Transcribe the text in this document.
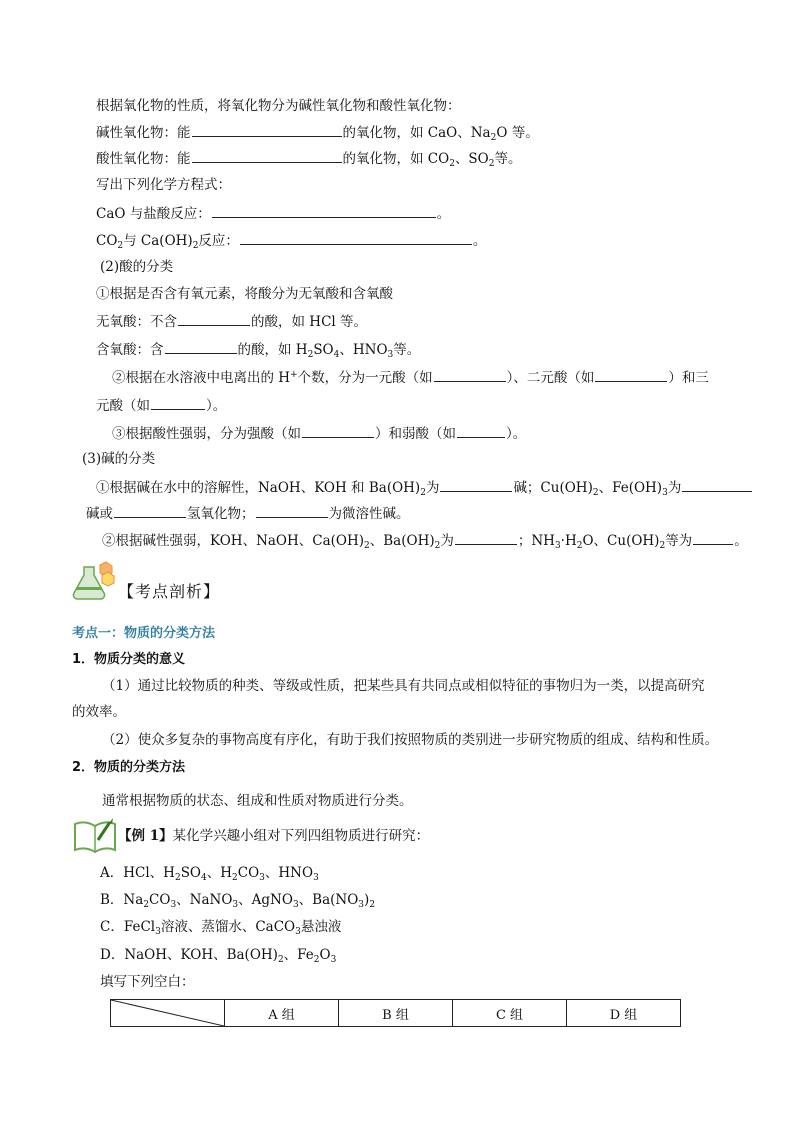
根据氧化物的性质，将氧化物分为碱性氧化物和酸性氧化物：
碱性氧化物：能	的氧化物，如 CaO、$Na_2O$ 等。
酸性氧化物：能	的氧化物，如 $CO_2$、$SO_2$等。
写出下列化学方程式：
CaO 与盐酸反应：	。
$CO_2$与 $Ca(OH)_2$反应：	。
(2)酸的分类
①根据是否含有氧元素，将酸分为无氧酸和含氧酸
无氧酸：不含	的酸，如 HCl 等。
含氧酸：含	的酸，如 $H_2SO_4$、$HNO_3$等。
②根据在水溶液中电离出的 H+个数，分为一元酸（如	）、二元酸（如	）和三
元酸（如	）。
③根据酸性强弱，分为强酸（如	）和弱酸（如	）。
(3)碱的分类
①根据碱在水中的溶解性，NaOH、KOH 和 $Ba(OH)_2$为	碱；$Cu(OH)_2$、$Fe(OH)_3$为
碱或	氢氧化物；	为微溶性碱。
②根据碱性强弱，KOH、NaOH、$Ca(OH)_2$、$Ba(OH)_2$为	；$NH_3\cdot H_2O$、$Cu(OH)_2$等为	。
【考点剖析】
考点一：物质的分类方法
1．物质分类的意义
（1）通过比较物质的种类、等级或性质，把某些具有共同点或相似特征的事物归为一类，以提高研究
的效率。
（2）使众多复杂的事物高度有序化，有助于我们按照物质的类别进一步研究物质的组成、结构和性质。
2．物质的分类方法
通常根据物质的状态、组成和性质对物质进行分类。
【例 1】某化学兴趣小组对下列四组物质进行研究：
A．HCl、$H_2SO_4$、$H_2CO_3$、$HNO_3$
B．$Na_2CO_3$、NaNO$_3$、AgNO$_3$、$Ba(NO_3)_2$
C．FeCl$_3$溶液、蒸馏水、CaCO$_3$悬浊液
D．NaOH、KOH、$Ba(OH)_2$、$Fe_2O_3$
填写下列空白：
	A 组	B 组	C 组	D 组
